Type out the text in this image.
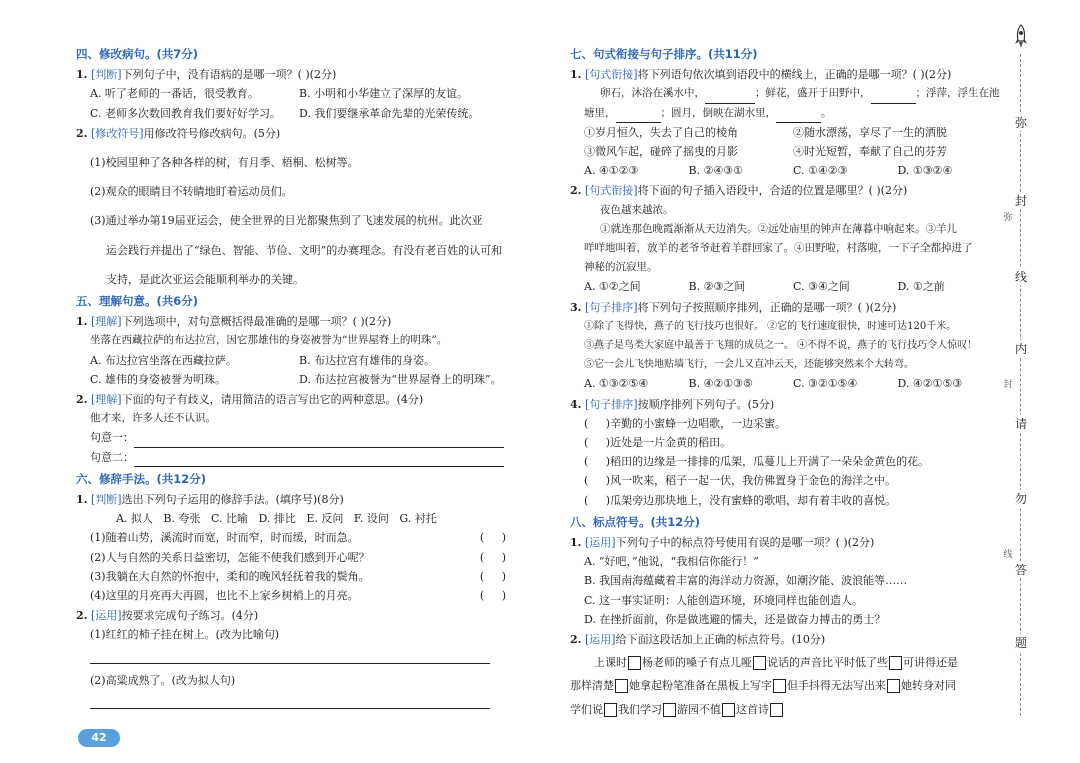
四、修改病句。(共7分)
1. [判断]下列句子中，没有语病的是哪一项？( )(2分)
A. 听了老师的一番话，很受教育。	B. 小明和小华建立了深厚的友谊。
C. 老师多次数回教育我们要好好学习。	D. 我们要继承革命先辈的光荣传统。
2. [修改符号]用修改符号修改病句。(5分)
(1)校园里种了各种各样的树，有月季、梧桐、松树等。
(2)观众的眼睛目不转睛地盯着运动员们。
(3)通过举办第19届亚运会，使全世界的目光都聚焦到了飞速发展的杭州。此次亚
运会践行并提出了“绿色、智能、节俭、文明”的办赛理念。有没有老百姓的认可和
支持，是此次亚运会能顺利举办的关键。
五、理解句意。(共6分)
1. [理解]下列选项中，对句意概括得最准确的是哪一项？( )(2分)
坐落在西藏拉萨的布达拉宫，因它那雄伟的身姿被誉为“世界屋脊上的明珠”。
A. 布达拉宫坐落在西藏拉萨。	B. 布达拉宫有雄伟的身姿。
C. 雄伟的身姿被誉为明珠。	D. 布达拉宫被誉为“世界屋脊上的明珠”。
2. [理解]下面的句子有歧义，请用简洁的语言写出它的两种意思。(4分)
他才来，许多人还不认识。
句意一：
句意二：
六、修辞手法。(共12分)
1. [判断]选出下列句子运用的修辞手法。(填序号)(8分)
A. 拟人   B. 夸张   C. 比喻   D. 排比   E. 反问   F. 设问   G. 衬托
(1)随着山势，溪流时而宽，时而窄，时而缓，时而急。	(     )
(2)人与自然的关系日益密切，怎能不使我们感到开心呢？	(     )
(3)我躺在大自然的怀抱中，柔和的晚风轻抚着我的鬓角。	(     )
(4)这里的月亮再大再圆，也比不上家乡树梢上的月亮。	(     )
2. [运用]按要求完成句子练习。(4分)
(1)红红的柿子挂在树上。(改为比喻句)
(2)高粱成熟了。(改为拟人句)
七、句式衔接与句子排序。(共11分)
1. [句式衔接]将下列语句依次填到语段中的横线上，正确的是哪一项？( )(2分)
卵石，沐浴在溪水中，	；鲜花，盛开于田野中，	；浮萍，浮生在池
塘里，	；圆月，倒映在湖水里，	。
①岁月恒久，失去了自己的棱角	②随水漂荡，享尽了一生的洒脱
③微风乍起，碰碎了摇曳的月影	④时光短暂，奉献了自己的芬芳
A. ④①②③	B. ②④③①	C. ①④②③	D. ①③②④
2. [句式衔接]将下面的句子插入语段中，合适的位置是哪里？( )(2分)
夜色越来越浓。
①就连那色晚霞渐渐从天边消失。②远处庙里的钟声在薄暮中响起来。③羊儿
咩咩地叫着，放羊的老爷爷赶着羊群回家了。④田野啦，村落啦，一下子全都掉进了
神秘的沉寂里。
A. ①②之间	B. ②③之间	C. ③④之间	D. ①之前
3. [句子排序]将下列句子按照顺序排列，正确的是哪一项？( )(2分)
①除了飞得快，燕子的飞行技巧也很好。 ②它的飞行速度很快，时速可达120千米。
③燕子是鸟类大家庭中最善于飞翔的成员之一。 ④不得不说，燕子的飞行技巧令人惊叹！
⑤它一会儿飞快地贴墙飞行，一会儿又直冲云天，还能够突然来个大转弯。
A. ①③②⑤④	B. ④②①③⑤	C. ③②①⑤④	D. ④②①⑤③
4. [句子排序]按顺序排列下列句子。(5分)
(     )辛勤的小蜜蜂一边唱歌，一边采蜜。
(     )近处是一片金黄的稻田。
(     )稻田的边缘是一排排的瓜架，瓜蔓儿上开满了一朵朵金黄色的花。
(     )风一吹来，稻子一起一伏，我仿佛置身于金色的海洋之中。
(     )瓜架旁边那块地上，没有蜜蜂的歌唱，却有着丰收的喜悦。
八、标点符号。(共12分)
1. [运用]下列句子中的标点符号使用有误的是哪一项？( )(2分)
A. “好吧，”他说，“我相信你能行！”
B. 我国南海蕴藏着丰富的海洋动力资源，如潮汐能、波浪能等……
C. 这一事实证明：人能创造环境，环境同样也能创造人。
D. 在挫折面前，你是做逃避的懦夫，还是做奋力搏击的勇士？
2. [运用]给下面这段话加上正确的标点符号。(10分)
上课时 杨老师的嗓子有点儿哑 说话的声音比平时低了些 可讲得还是
那样清楚 她拿起粉笔准备在黑板上写字 但手抖得无法写出来 她转身对同
学们说 我们学习 游园不值 这首诗
弥
封
线
内
请
勿
答
题
弥
封
线
42
